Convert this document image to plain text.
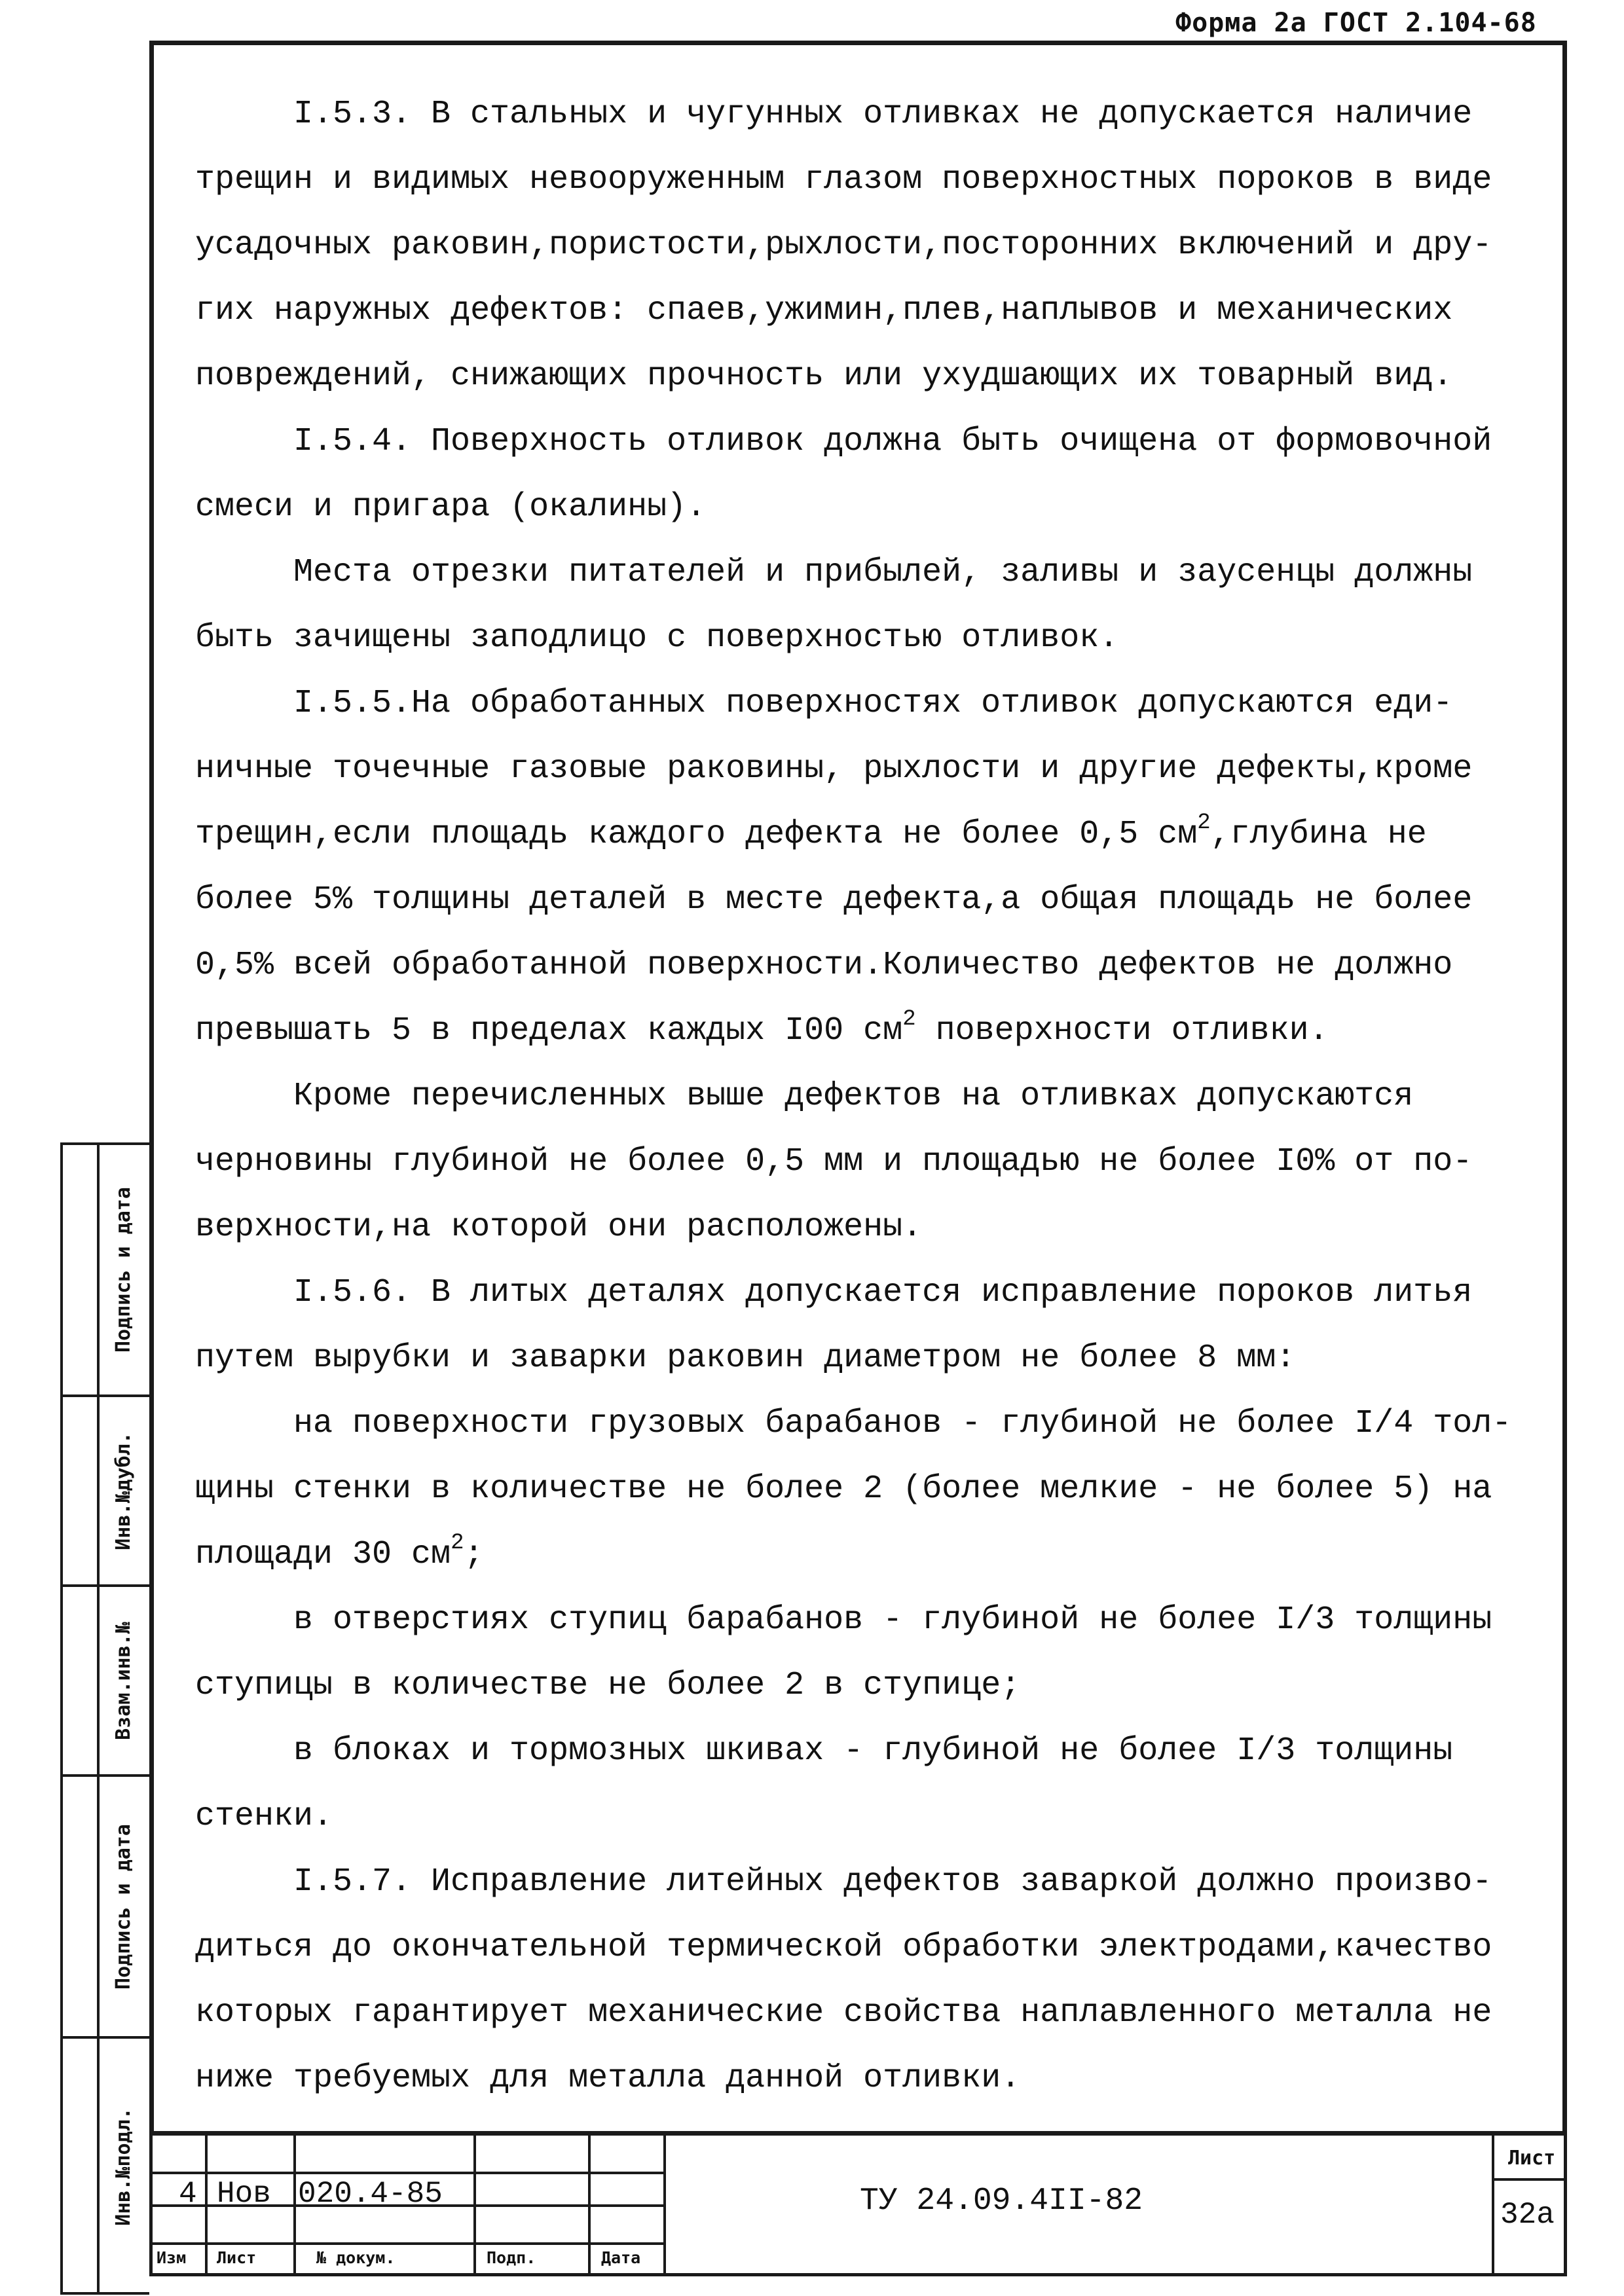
Форма 2а ГОСТ 2.104-68

I.5.3. В стальных и чугунных отливках не допускается наличие
трещин и видимых невооруженным глазом поверхностных пороков в виде
усадочных раковин,пористости,рыхлости,посторонних включений и дру-
гих наружных дефектов: спаев,ужимин,плев,наплывов и механических
повреждений, снижающих прочность или ухудшающих их товарный вид.

I.5.4. Поверхность отливок должна быть очищена от формовочной
смеси и пригара (окалины).

Места отрезки питателей и прибылей, заливы и заусенцы должны
быть зачищены заподлицо с поверхностью отливок.

I.5.5.На обработанных поверхностях отливок допускаются еди-
ничные точечные газовые раковины, рыхлости и другие дефекты,кроме
трещин,если площадь каждого дефекта не более 0,5 $см^2,глубина$ не
более 5% толщины деталей в месте дефекта,а общая площадь не более
0,5% всей обработанной поверхности.Количество дефектов не должно
превышать 5 в пределах каждых I00 $см^2$ поверхности отливки.

Кроме перечисленных выше дефектов на отливках допускаются
черновины глубиной не более 0,5 мм и площадью не более I0% от по-
верхности,на которой они расположены.

I.5.6. В литых деталях допускается исправление пороков литья
путем вырубки и заварки раковин диаметром не более 8 мм:
на поверхности грузовых барабанов - глубиной не более I/4 тол-
щины стенки в количестве не более 2 (более мелкие - не более 5) на
площади 30 $см^2$;
в отверстиях ступиц барабанов - глубиной не более I/3 толщины
ступицы в количестве не более 2 в ступице;
в блоках и тормозных шкивах - глубиной не более I/3 толщины
стенки.

I.5.7. Исправление литейных дефектов заваркой должно произво-
диться до окончательной термической обработки электродами,качество
которых гарантирует механические свойства наплавленного металла не
ниже требуемых для металла данной отливки.

Подпись и дата
Инв.№дубл.
Взам.инв.№
Подпись и дата
Инв.№подл. 4 Нов 020.4-85
Изм Лист	№ докум.	Подп.	Дата
ТУ 24.09.4II-82
Лист
32а
